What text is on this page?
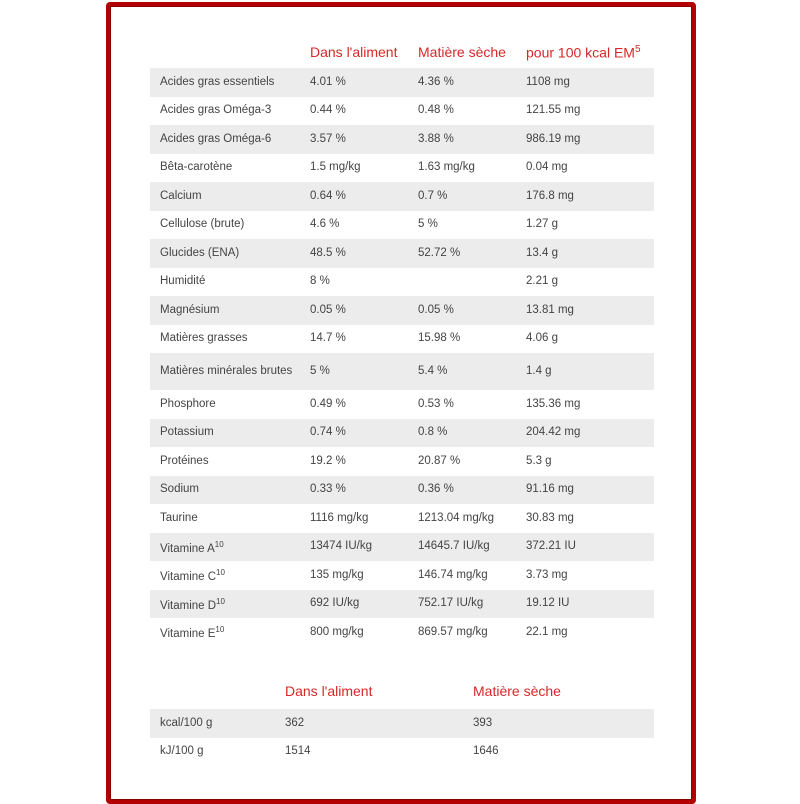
	Dans l'aliment	Matière sèche	pour 100 kcal $EM^5$
Acides gras essentiels	4.01 %	4.36 %	1108 mg
Acides gras Oméga-3	0.44 %	0.48 %	121.55 mg
Acides gras Oméga-6	3.57 %	3.88 %	986.19 mg
Bêta-carotène	1.5 mg/kg	1.63 mg/kg	0.04 mg
Calcium	0.64 %	0.7 %	176.8 mg
Cellulose (brute)	4.6 %	5 %	1.27 g
Glucides (ENA)	48.5 %	52.72 %	13.4 g
Humidité	8 %		2.21 g
Magnésium	0.05 %	0.05 %	13.81 mg
Matières grasses	14.7 %	15.98 %	4.06 g
Matières minérales brutes	5 %	5.4 %	1.4 g
Phosphore	0.49 %	0.53 %	135.36 mg
Potassium	0.74 %	0.8 %	204.42 mg
Protéines	19.2 %	20.87 %	5.3 g
Sodium	0.33 %	0.36 %	91.16 mg
Taurine	1116 mg/kg	1213.04 mg/kg	30.83 mg
Vitamine $A^{10}$	13474 IU/kg	14645.7 IU/kg	372.21 IU
Vitamine $C^{10}$	135 mg/kg	146.74 mg/kg	3.73 mg
Vitamine $D^{10}$	692 IU/kg	752.17 IU/kg	19.12 IU
Vitamine $E^{10}$	800 mg/kg	869.57 mg/kg	22.1 mg
	Dans l'aliment	Matière sèche
kcal/100 g	362	393
kJ/100 g	1514	1646
